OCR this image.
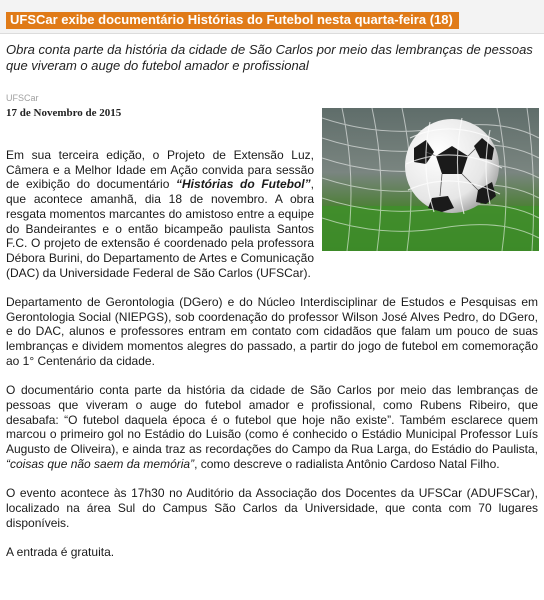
UFSCar exibe documentário Histórias do Futebol nesta quarta-feira (18)
Obra conta parte da história da cidade de São Carlos por meio das lembranças de pessoas que viveram o auge do futebol amador e profissional
UFSCar
17 de Novembro de 2015

Em sua terceira edição, o Projeto de Extensão Luz, Câmera e a Melhor Idade em Ação convida para sessão de exibição do documentário “Histórias do Futebol”, que acontece amanhã, dia 18 de novembro. A obra resgata momentos marcantes do amistoso entre a equipe do Bandeirantes e o então bicampeão paulista Santos F.C. O projeto de extensão é coordenado pela professora Débora Burini, do Departamento de Artes e Comunicação (DAC) da Universidade Federal de São Carlos (UFSCar).

Departamento de Gerontologia (DGero) e do Núcleo Interdisciplinar de Estudos e Pesquisas em Gerontologia Social (NIEPGS), sob coordenação do professor Wilson José Alves Pedro, do DGero, e do DAC, alunos e professores entram em contato com cidadãos que falam um pouco de suas lembranças e dividem momentos alegres do passado, a partir do jogo de futebol em comemoração ao 1° Centenário da cidade.

O documentário conta parte da história da cidade de São Carlos por meio das lembranças de pessoas que viveram o auge do futebol amador e profissional, como Rubens Ribeiro, que desabafa: “O futebol daquela época é o futebol que hoje não existe”. Também esclarece quem marcou o primeiro gol no Estádio do Luisão (como é conhecido o Estádio Municipal Professor Luís Augusto de Oliveira), e ainda traz as recordações do Campo da Rua Larga, do Estádio do Paulista, “coisas que não saem da memória”, como descreve o radialista Antônio Cardoso Natal Filho.

O evento acontece às 17h30 no Auditório da Associação dos Docentes da UFSCar (ADUFSCar), localizado na área Sul do Campus São Carlos da Universidade, que conta com 70 lugares disponíveis.

A entrada é gratuita.
